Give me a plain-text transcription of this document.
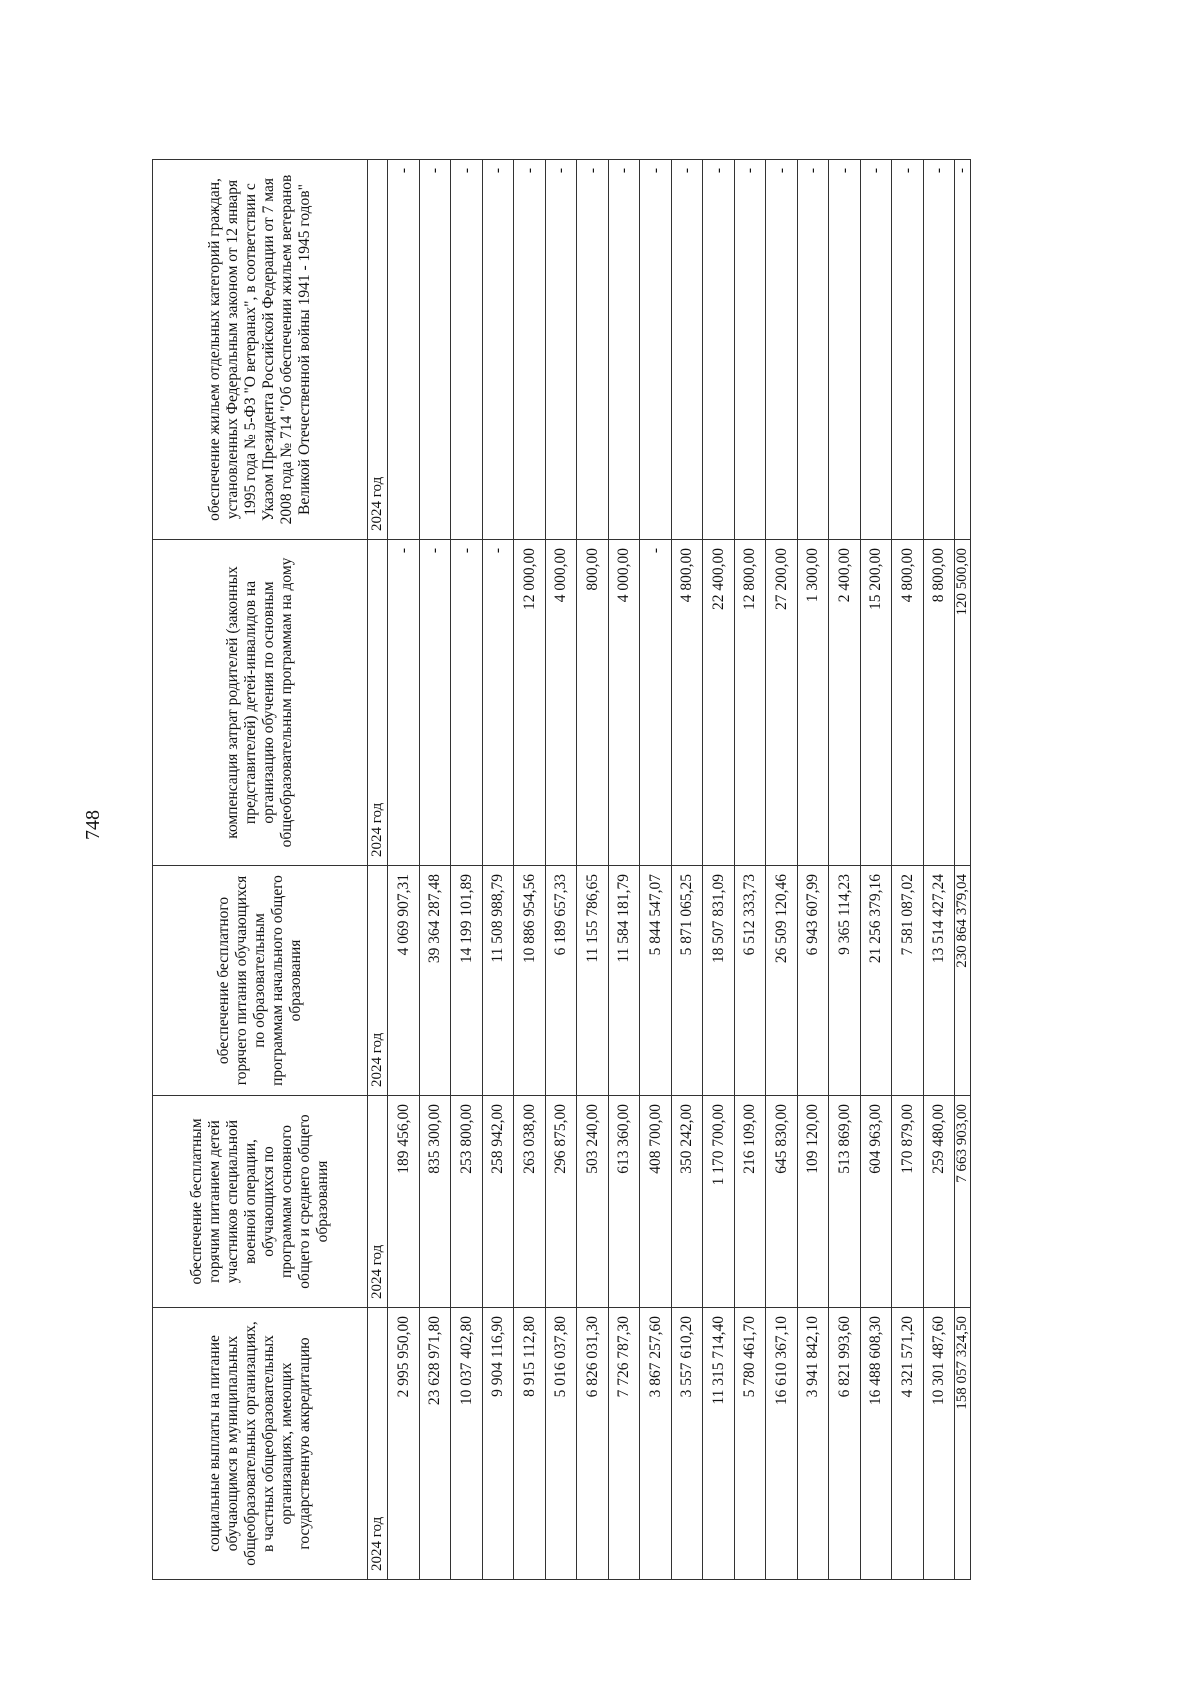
748
социальные выплаты на питание обучающимся в муниципальных общеобразовательных организациях, в частных общеобразовательных организациях, имеющих государственную аккредитацию	обеспечение бесплатным горячим питанием детей участников специальной военной операции, обучающихся по программам основного общего и среднего общего образования	обеспечение бесплатного горячего питания обучающихся по образовательным программам начального общего образования	компенсация затрат родителей (законных представителей) детей-инвалидов на организацию обучения по основным общеобразовательным программам на дому	обеспечение жильем отдельных категорий граждан, установленных Федеральным законом от 12 января 1995 года № 5-ФЗ "О ветеранах", в соответствии с Указом Президента Российской Федерации от 7 мая 2008 года № 714 "Об обеспечении жильем ветеранов Великой Отечественной войны 1941 - 1945 годов"
2024 год	2024 год	2024 год	2024 год	2024 год
2 995 950,00	189 456,00	4 069 907,31	-	-
23 628 971,80	835 300,00	39 364 287,48	-	-
10 037 402,80	253 800,00	14 199 101,89	-	-
9 904 116,90	258 942,00	11 508 988,79	-	-
8 915 112,80	263 038,00	10 886 954,56	12 000,00	-
5 016 037,80	296 875,00	6 189 657,33	4 000,00	-
6 826 031,30	503 240,00	11 155 786,65	800,00	-
7 726 787,30	613 360,00	11 584 181,79	4 000,00	-
3 867 257,60	408 700,00	5 844 547,07	-	-
3 557 610,20	350 242,00	5 871 065,25	4 800,00	-
11 315 714,40	1 170 700,00	18 507 831,09	22 400,00	-
5 780 461,70	216 109,00	6 512 333,73	12 800,00	-
16 610 367,10	645 830,00	26 509 120,46	27 200,00	-
3 941 842,10	109 120,00	6 943 607,99	1 300,00	-
6 821 993,60	513 869,00	9 365 114,23	2 400,00	-
16 488 608,30	604 963,00	21 256 379,16	15 200,00	-
4 321 571,20	170 879,00	7 581 087,02	4 800,00	-
10 301 487,60	259 480,00	13 514 427,24	8 800,00	-
158 057 324,50	7 663 903,00	230 864 379,04	120 500,00	-
